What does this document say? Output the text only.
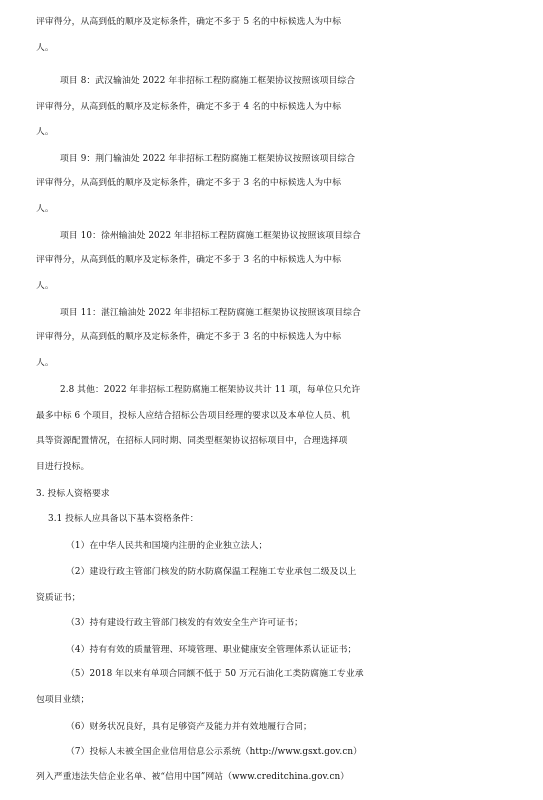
评审得分，从高到低的顺序及定标条件，确定不多于 5 名的中标候选人为中标
人。
项目 8：武汉输油处 2022 年非招标工程防腐施工框架协议按照该项目综合
评审得分，从高到低的顺序及定标条件，确定不多于 4 名的中标候选人为中标
人。
项目 9：荆门输油处 2022 年非招标工程防腐施工框架协议按照该项目综合
评审得分，从高到低的顺序及定标条件，确定不多于 3 名的中标候选人为中标
人。
项目 10：徐州输油处 2022 年非招标工程防腐施工框架协议按照该项目综合
评审得分，从高到低的顺序及定标条件，确定不多于 3 名的中标候选人为中标
人。
项目 11：湛江输油处 2022 年非招标工程防腐施工框架协议按照该项目综合
评审得分，从高到低的顺序及定标条件，确定不多于 3 名的中标候选人为中标
人。
2.8 其他：2022 年非招标工程防腐施工框架协议共计 11 项，每单位只允许
最多中标 6 个项目，投标人应结合招标公告项目经理的要求以及本单位人员、机
具等资源配置情况，在招标人同时期、同类型框架协议招标项目中，合理选择项
目进行投标。
3. 投标人资格要求
3.1 投标人应具备以下基本资格条件：
（1）在中华人民共和国境内注册的企业独立法人；
（2）建设行政主管部门核发的防水防腐保温工程施工专业承包二级及以上
资质证书；
（3）持有建设行政主管部门核发的有效安全生产许可证书；
（4）持有有效的质量管理、环境管理、职业健康安全管理体系认证证书；
（5）2018 年以来有单项合同额不低于 50 万元石油化工类防腐施工专业承
包项目业绩；
（6）财务状况良好，具有足够资产及能力并有效地履行合同；
（7）投标人未被全国企业信用信息公示系统（http://www.gsxt.gov.cn）
列入严重违法失信企业名单、被“信用中国”网站（www.creditchina.gov.cn）
